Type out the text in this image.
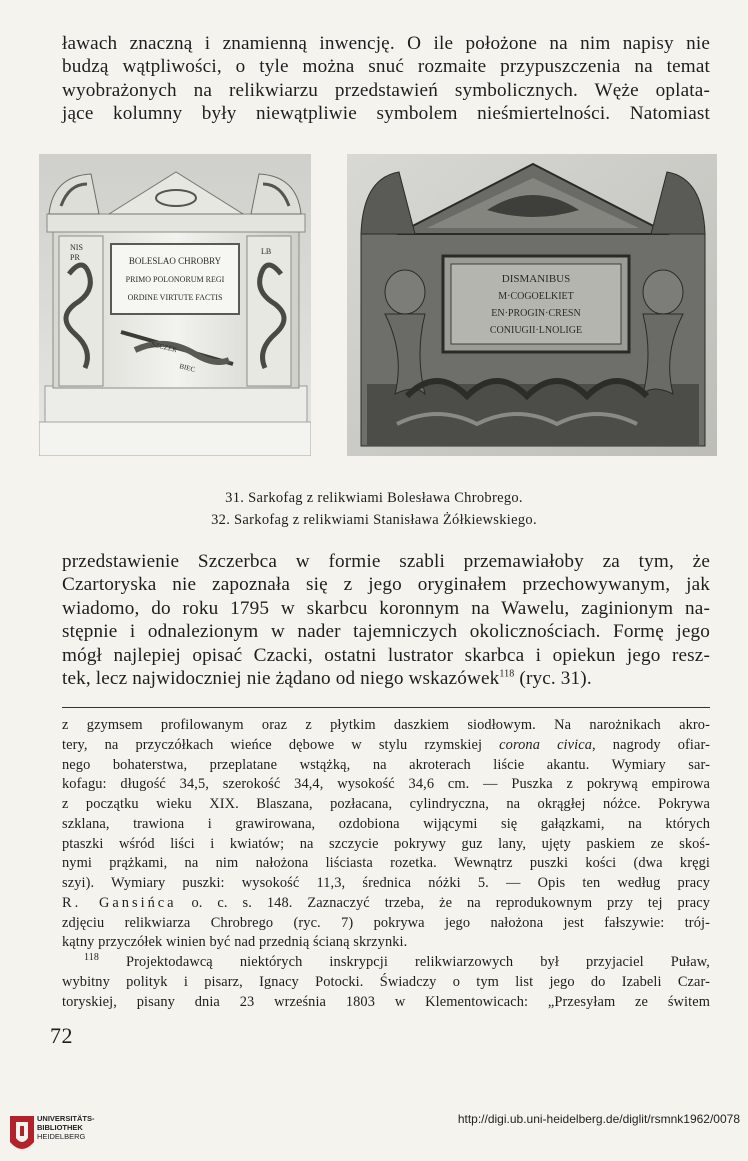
ławach znaczną i znamienną inwencję. O ile położone na nim napisy nie
budzą wątpliwości, o tyle można snuć rozmaite przypuszczenia na temat
wyobrażonych na relikwiarzu przedstawień symbolicznych. Węże oplata-
jące kolumny były niewątpliwie symbolem nieśmiertelności. Natomiast
BOLESLAO CHROBRY
PRIMO POLONORUM REGI
ORDINE VIRTUTE FACTIS
NIS
PR
LB
SZCZER
BIEC
DISMANIBUS
M·COGOELKIET
EN·PROGIN·CRESN
CONIUGII·LNOLIGE
31. Sarkofag z relikwiami Bolesława Chrobrego.
32. Sarkofag z relikwiami Stanisława Żółkiewskiego.
przedstawienie Szczerbca w formie szabli przemawiałoby za tym, że
Czartoryska nie zapoznała się z jego oryginałem przechowywanym, jak
wiadomo, do roku 1795 w skarbcu koronnym na Wawelu, zaginionym na-
stępnie i odnalezionym w nader tajemniczych okolicznościach. Formę jego
mógł najlepiej opisać Czacki, ostatni lustrator skarbca i opiekun jego resz-
tek, lecz najwidoczniej nie żądano od niego wskazówek$^{118}$ (ryc. 31).
z gzymsem profilowanym oraz z płytkim daszkiem siodłowym. Na narożnikach akro-
tery, na przyczółkach wieńce dębowe w stylu rzymskiej corona civica, nagrody ofiar-
nego bohaterstwa, przeplatane wstążką, na akroterach liście akantu. Wymiary sar-
kofagu: długość 34,5, szerokość 34,4, wysokość 34,6 cm. — Puszka z pokrywą empirowa
z początku wieku XIX. Blaszana, pozłacana, cylindryczna, na okrągłej nóżce. Pokrywa
szklana, trawiona i grawirowana, ozdobiona wijącymi się gałązkami, na których
ptaszki wśród liści i kwiatów; na szczycie pokrywy guz lany, ujęty paskiem ze skoś-
nymi prążkami, na nim nałożona liściasta rozetka. Wewnątrz puszki kości (dwa kręgi
szyi). Wymiary puszki: wysokość 11,3, średnica nóżki 5. — Opis ten według pracy
R. Gansińca o. c. s. 148. Zaznaczyć trzeba, że na reprodukownym przy tej pracy
zdjęciu relikwiarza Chrobrego (ryc. 7) pokrywa jego nałożona jest fałszywie: trój-
kątny przyczółek winien być nad przednią ścianą skrzynki.
$^{118}$ Projektodawcą niektórych inskrypcji relikwiarzowych był przyjaciel Puław,
wybitny polityk i pisarz, Ignacy Potocki. Świadczy o tym list jego do Izabeli Czar-
toryskiej, pisany dnia 23 września 1803 w Klementowicach: „Przesyłam ze świtem
72
UNIVERSITÄTS-
BIBLIOTHEK
HEIDELBERG
http://digi.ub.uni-heidelberg.de/diglit/rsmnk1962/0078
